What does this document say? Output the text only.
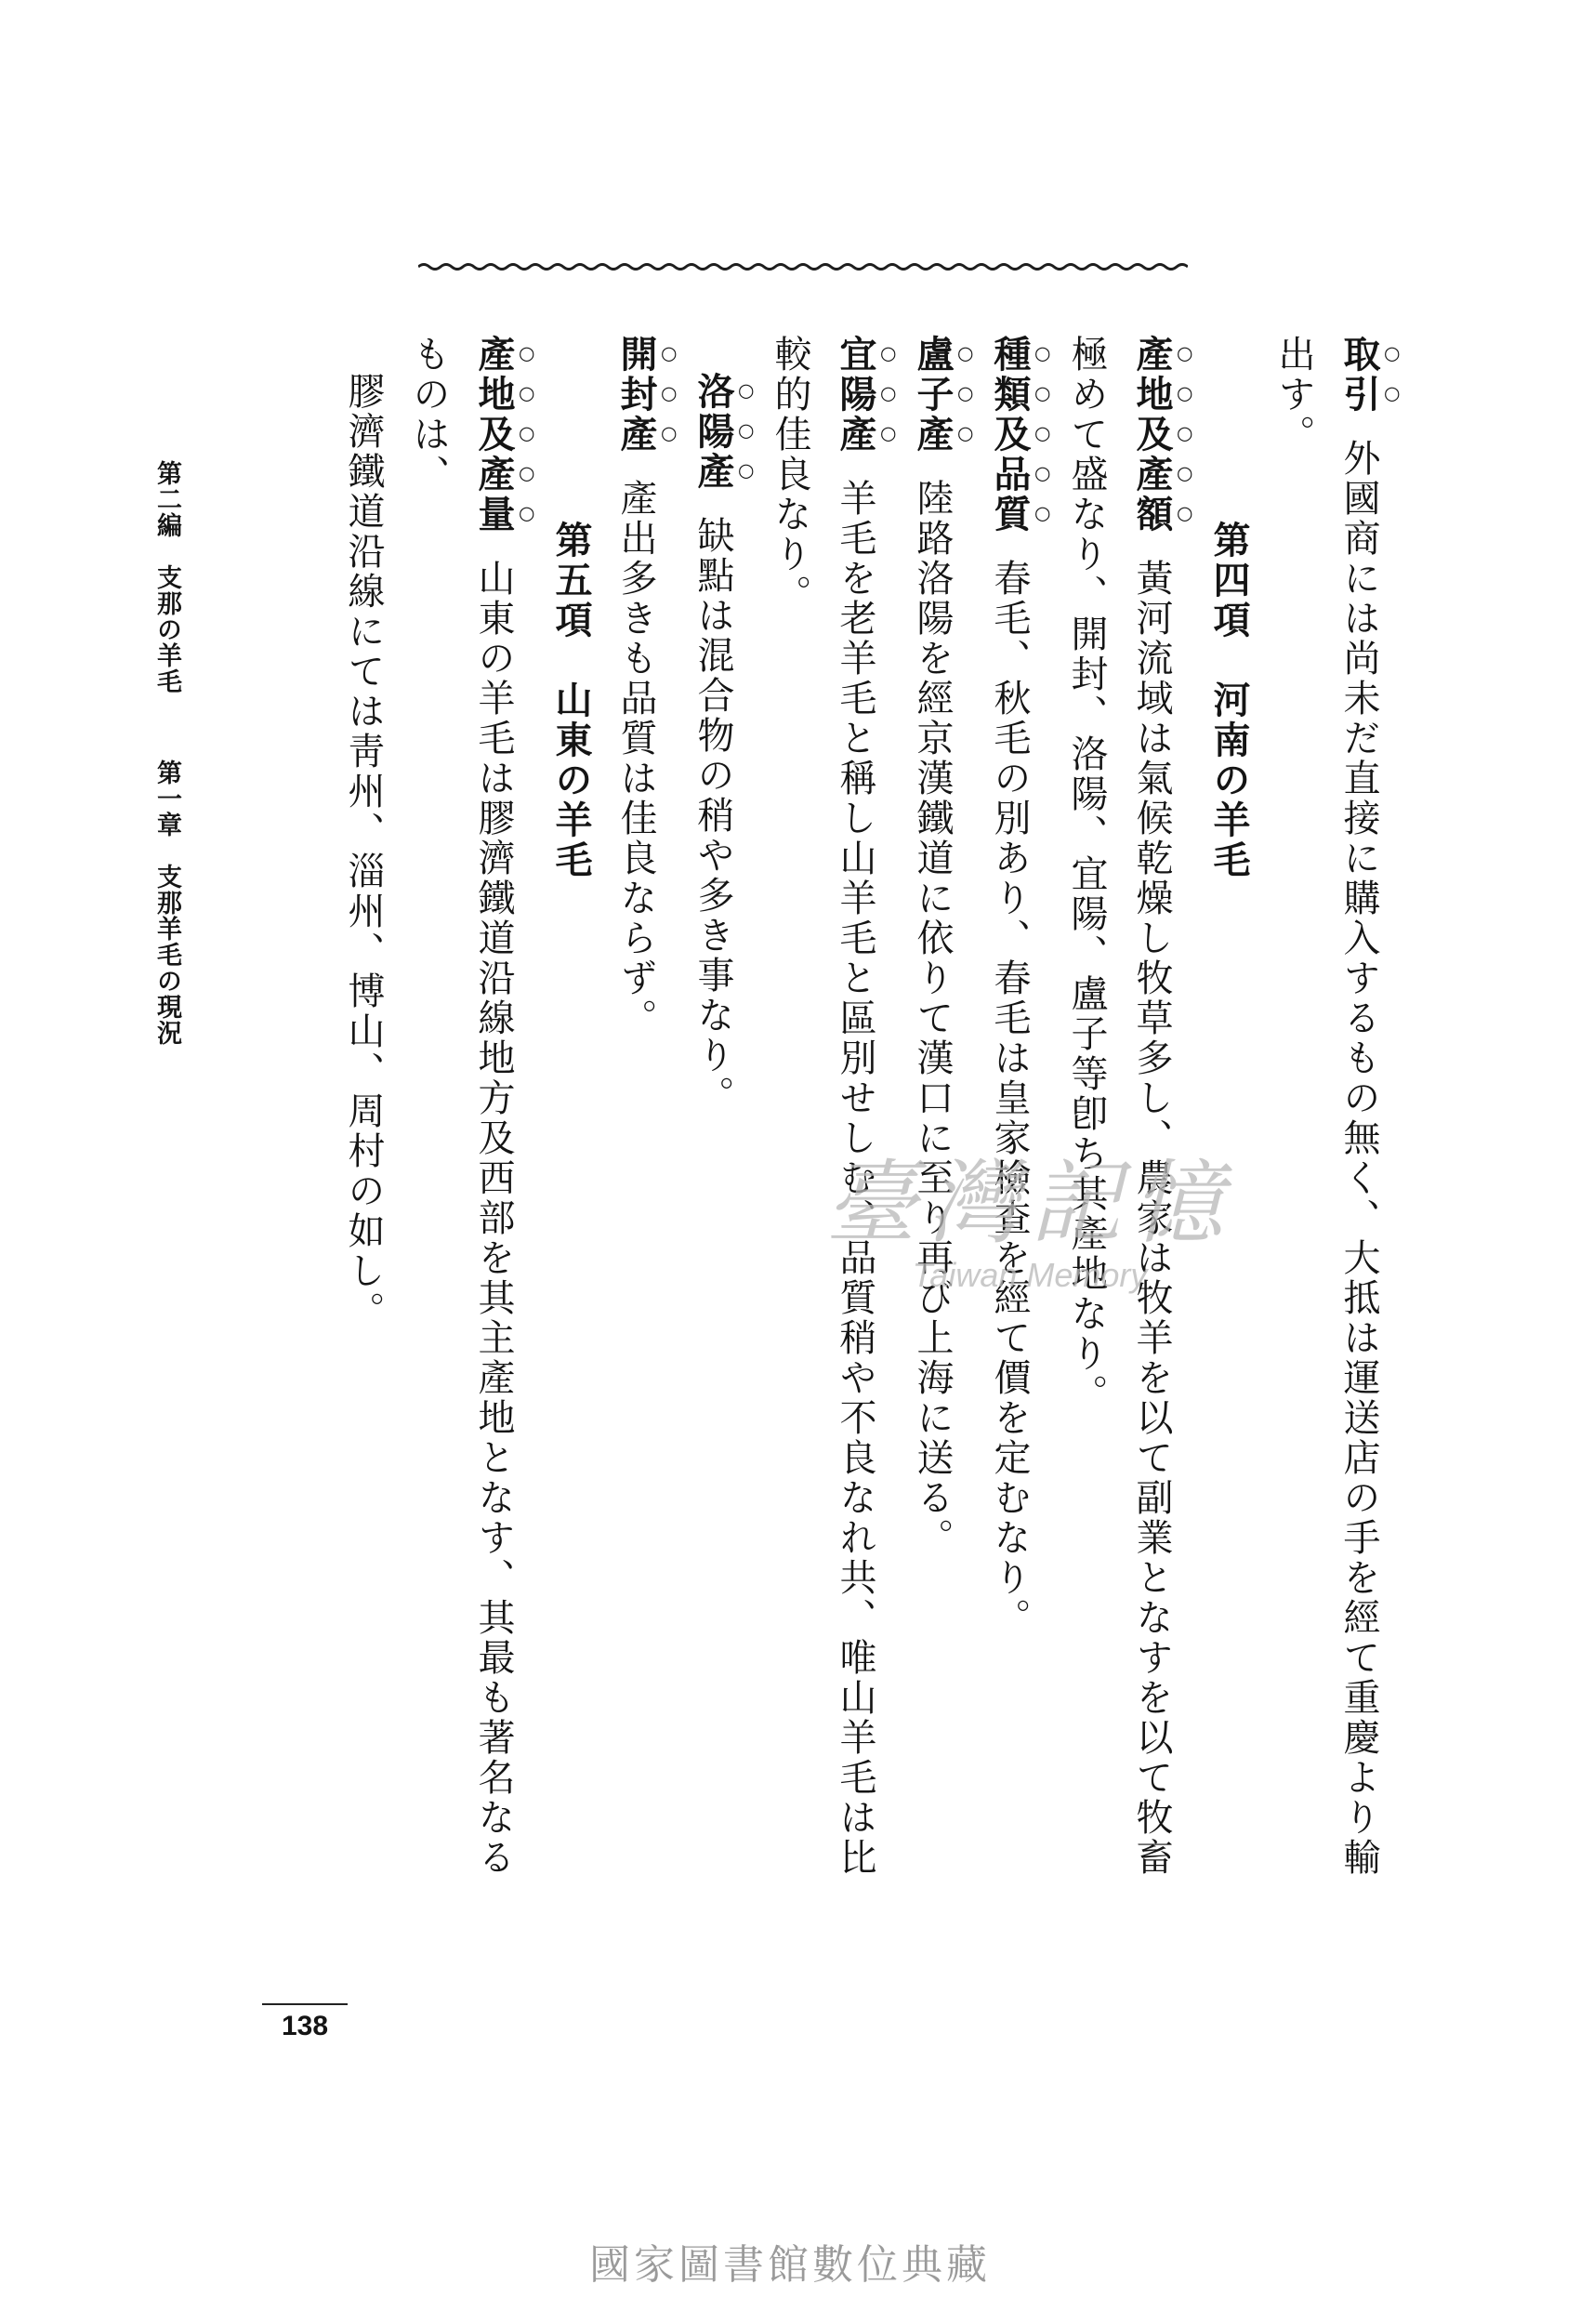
取引外國商には尚未だ直接に購入するもの無く、大抵は運送店の手を經て重慶より輸
出す。
第四項　河南の羊毛
產地及產額黃河流域は氣候乾燥し牧草多し、農家は牧羊を以て副業となすを以て牧畜
極めて盛なり、開封、洛陽、宜陽、盧子等卽ち其產地なり。
種類及品質春毛、秋毛の別あり、春毛は皇家檢查を經て價を定むなり。
盧子產陸路洛陽を經京漢鐵道に依りて漢口に至り再び上海に送る。
宜陽產羊毛を老羊毛と稱し山羊毛と區別せしむ、品質稍や不良なれ共、唯山羊毛は比
較的佳良なり。
洛陽產缺點は混合物の稍や多き事なり。
開封產產出多きも品質は佳良ならず。
第五項　山東の羊毛
產地及產量山東の羊毛は膠濟鐵道沿線地方及西部を其主產地となす、其最も著名なる
ものは、
膠濟鐵道沿線にては靑州、淄州、博山、周村の如し。
第二編　支那の羊毛第一章　支那羊毛の現況
138
臺灣記憶
Taiwan Memory
國家圖書館數位典藏
